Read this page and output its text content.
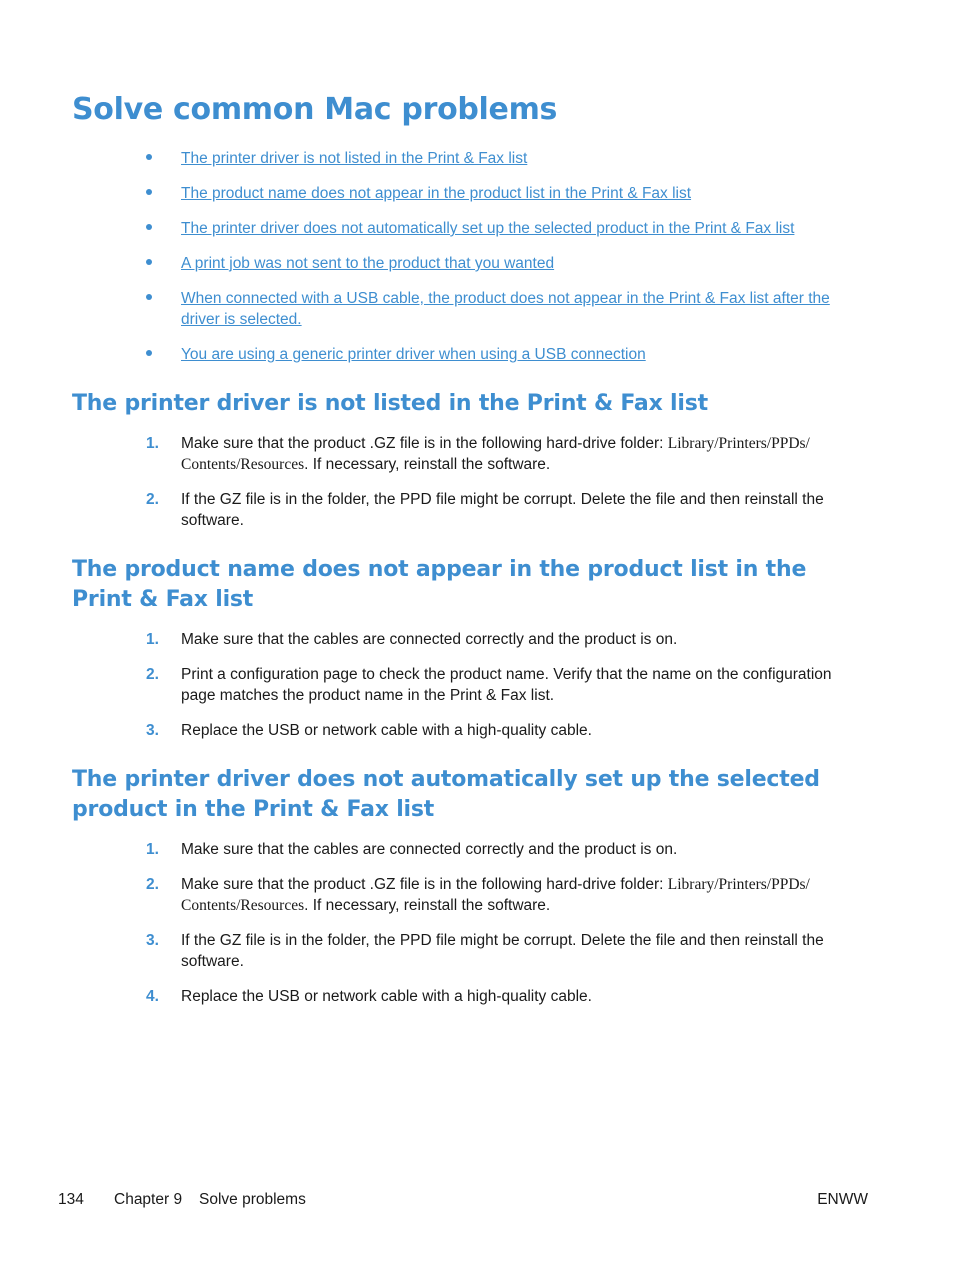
Solve common Mac problems
The printer driver is not listed in the Print & Fax list
The product name does not appear in the product list in the Print & Fax list
The printer driver does not automatically set up the selected product in the Print & Fax list
A print job was not sent to the product that you wanted
When connected with a USB cable, the product does not appear in the Print & Fax list after the driver is selected.
You are using a generic printer driver when using a USB connection
The printer driver is not listed in the Print & Fax list
1. Make sure that the product .GZ file is in the following hard-drive folder: Library/Printers/PPDs/ Contents/Resources. If necessary, reinstall the software.
2. If the GZ file is in the folder, the PPD file might be corrupt. Delete the file and then reinstall the software.
The product name does not appear in the product list in the Print & Fax list
1. Make sure that the cables are connected correctly and the product is on.
2. Print a configuration page to check the product name. Verify that the name on the configuration page matches the product name in the Print & Fax list.
3. Replace the USB or network cable with a high-quality cable.
The printer driver does not automatically set up the selected product in the Print & Fax list
1. Make sure that the cables are connected correctly and the product is on.
2. Make sure that the product .GZ file is in the following hard-drive folder: Library/Printers/PPDs/ Contents/Resources. If necessary, reinstall the software.
3. If the GZ file is in the folder, the PPD file might be corrupt. Delete the file and then reinstall the software.
4. Replace the USB or network cable with a high-quality cable.
134 Chapter 9 Solve problems	ENWW
